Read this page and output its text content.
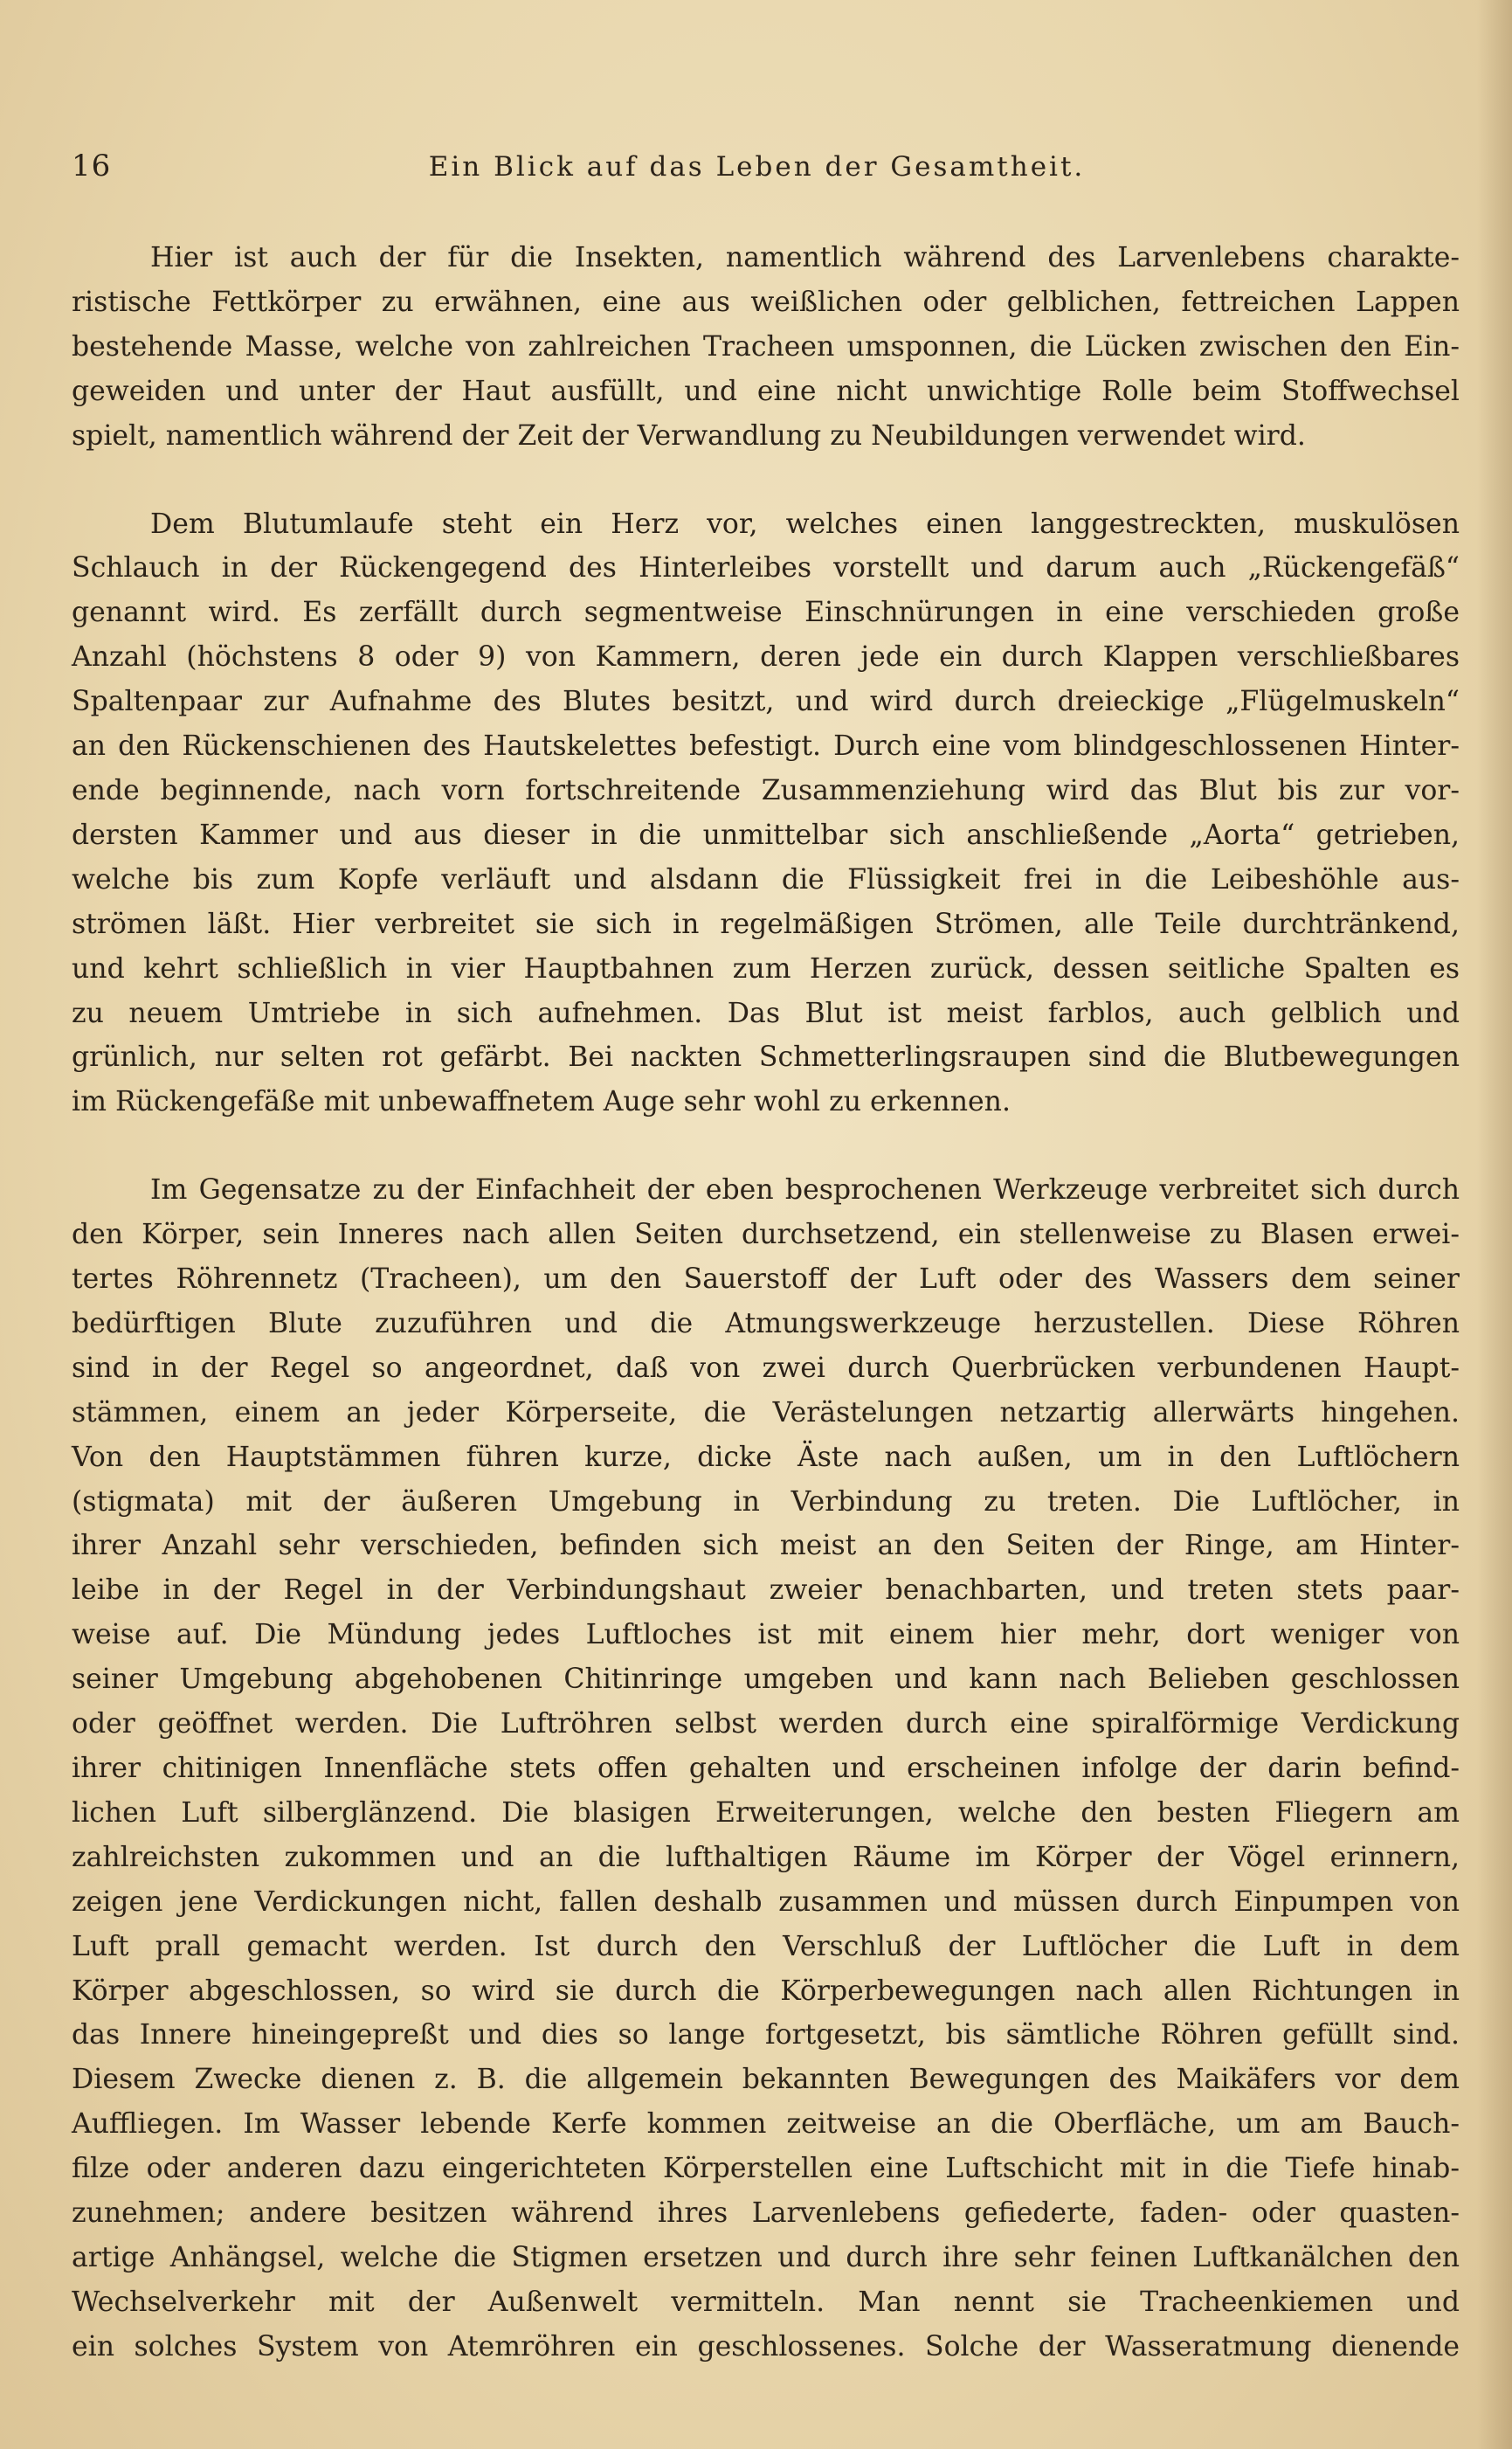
16	Ein Blick auf das Leben der Gesamtheit.
Hier ist auch der für die Insekten, namentlich während des Larvenlebens charakte-
ristische Fettkörper zu erwähnen, eine aus weißlichen oder gelblichen, fettreichen Lappen
bestehende Masse, welche von zahlreichen Tracheen umsponnen, die Lücken zwischen den Ein-
geweiden und unter der Haut ausfüllt, und eine nicht unwichtige Rolle beim Stoffwechsel
spielt, namentlich während der Zeit der Verwandlung zu Neubildungen verwendet wird.
Dem Blutumlaufe steht ein Herz vor, welches einen langgestreckten, muskulösen
Schlauch in der Rückengegend des Hinterleibes vorstellt und darum auch „Rückengefäß“
genannt wird. Es zerfällt durch segmentweise Einschnürungen in eine verschieden große
Anzahl (höchstens 8 oder 9) von Kammern, deren jede ein durch Klappen verschließbares
Spaltenpaar zur Aufnahme des Blutes besitzt, und wird durch dreieckige „Flügelmuskeln“
an den Rückenschienen des Hautskelettes befestigt. Durch eine vom blindgeschlossenen Hinter-
ende beginnende, nach vorn fortschreitende Zusammenziehung wird das Blut bis zur vor-
dersten Kammer und aus dieser in die unmittelbar sich anschließende „Aorta“ getrieben,
welche bis zum Kopfe verläuft und alsdann die Flüssigkeit frei in die Leibeshöhle aus-
strömen läßt. Hier verbreitet sie sich in regelmäßigen Strömen, alle Teile durchtränkend,
und kehrt schließlich in vier Hauptbahnen zum Herzen zurück, dessen seitliche Spalten es
zu neuem Umtriebe in sich aufnehmen. Das Blut ist meist farblos, auch gelblich und
grünlich, nur selten rot gefärbt. Bei nackten Schmetterlingsraupen sind die Blutbewegungen
im Rückengefäße mit unbewaffnetem Auge sehr wohl zu erkennen.
Im Gegensatze zu der Einfachheit der eben besprochenen Werkzeuge verbreitet sich durch
den Körper, sein Inneres nach allen Seiten durchsetzend, ein stellenweise zu Blasen erwei-
tertes Röhrennetz (Tracheen), um den Sauerstoff der Luft oder des Wassers dem seiner
bedürftigen Blute zuzuführen und die Atmungswerkzeuge herzustellen. Diese Röhren
sind in der Regel so angeordnet, daß von zwei durch Querbrücken verbundenen Haupt-
stämmen, einem an jeder Körperseite, die Verästelungen netzartig allerwärts hingehen.
Von den Hauptstämmen führen kurze, dicke Äste nach außen, um in den Luftlöchern
(stigmata) mit der äußeren Umgebung in Verbindung zu treten. Die Luftlöcher, in
ihrer Anzahl sehr verschieden, befinden sich meist an den Seiten der Ringe, am Hinter-
leibe in der Regel in der Verbindungshaut zweier benachbarten, und treten stets paar-
weise auf. Die Mündung jedes Luftloches ist mit einem hier mehr, dort weniger von
seiner Umgebung abgehobenen Chitinringe umgeben und kann nach Belieben geschlossen
oder geöffnet werden. Die Luftröhren selbst werden durch eine spiralförmige Verdickung
ihrer chitinigen Innenfläche stets offen gehalten und erscheinen infolge der darin befind-
lichen Luft silberglänzend. Die blasigen Erweiterungen, welche den besten Fliegern am
zahlreichsten zukommen und an die lufthaltigen Räume im Körper der Vögel erinnern,
zeigen jene Verdickungen nicht, fallen deshalb zusammen und müssen durch Einpumpen von
Luft prall gemacht werden. Ist durch den Verschluß der Luftlöcher die Luft in dem
Körper abgeschlossen, so wird sie durch die Körperbewegungen nach allen Richtungen in
das Innere hineingepreßt und dies so lange fortgesetzt, bis sämtliche Röhren gefüllt sind.
Diesem Zwecke dienen z. B. die allgemein bekannten Bewegungen des Maikäfers vor dem
Auffliegen. Im Wasser lebende Kerfe kommen zeitweise an die Oberfläche, um am Bauch-
filze oder anderen dazu eingerichteten Körperstellen eine Luftschicht mit in die Tiefe hinab-
zunehmen; andere besitzen während ihres Larvenlebens gefiederte, faden- oder quasten-
artige Anhängsel, welche die Stigmen ersetzen und durch ihre sehr feinen Luftkanälchen den
Wechselverkehr mit der Außenwelt vermitteln. Man nennt sie Tracheenkiemen und
ein solches System von Atemröhren ein geschlossenes. Solche der Wasseratmung dienende
